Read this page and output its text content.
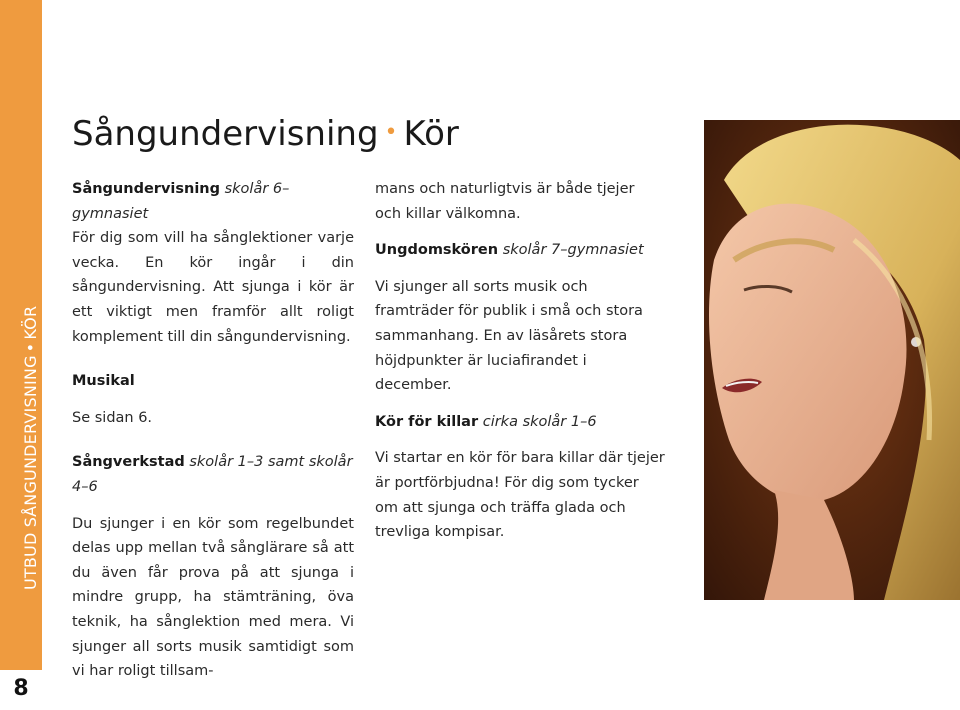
UTBUD SÅNGUNDERVISNING•KÖR
8
Sångundervisning • Kör

Sångundervisning skolår 6–gymnasiet

För dig som vill ha sånglektioner varje vecka. En kör ingår i din sångundervisning. Att sjunga i kör är ett viktigt men framför allt roligt komplement till din sångundervisning.

Musikal

Se sidan 6.

Sångverkstad skolår 1–3 samt skolår 4–6

Du sjunger i en kör som regelbundet delas upp mellan två sånglärare så att du även får prova på att sjunga i mindre grupp, ha stämträning, öva teknik, ha sånglektion med mera. Vi sjunger all sorts musik samtidigt som vi har roligt tillsam-

mans och naturligtvis är både tjejer och killar välkomna.

Ungdomskören skolår 7–gymnasiet

Vi sjunger all sorts musik och framträder för publik i små och stora sammanhang. En av läsårets stora höjdpunkter är luciafirandet i december.

Kör för killar cirka skolår 1–6

Vi startar en kör för bara killar där tjejer är portförbjudna! För dig som tycker om att sjunga och träffa glada och trevliga kompisar.
